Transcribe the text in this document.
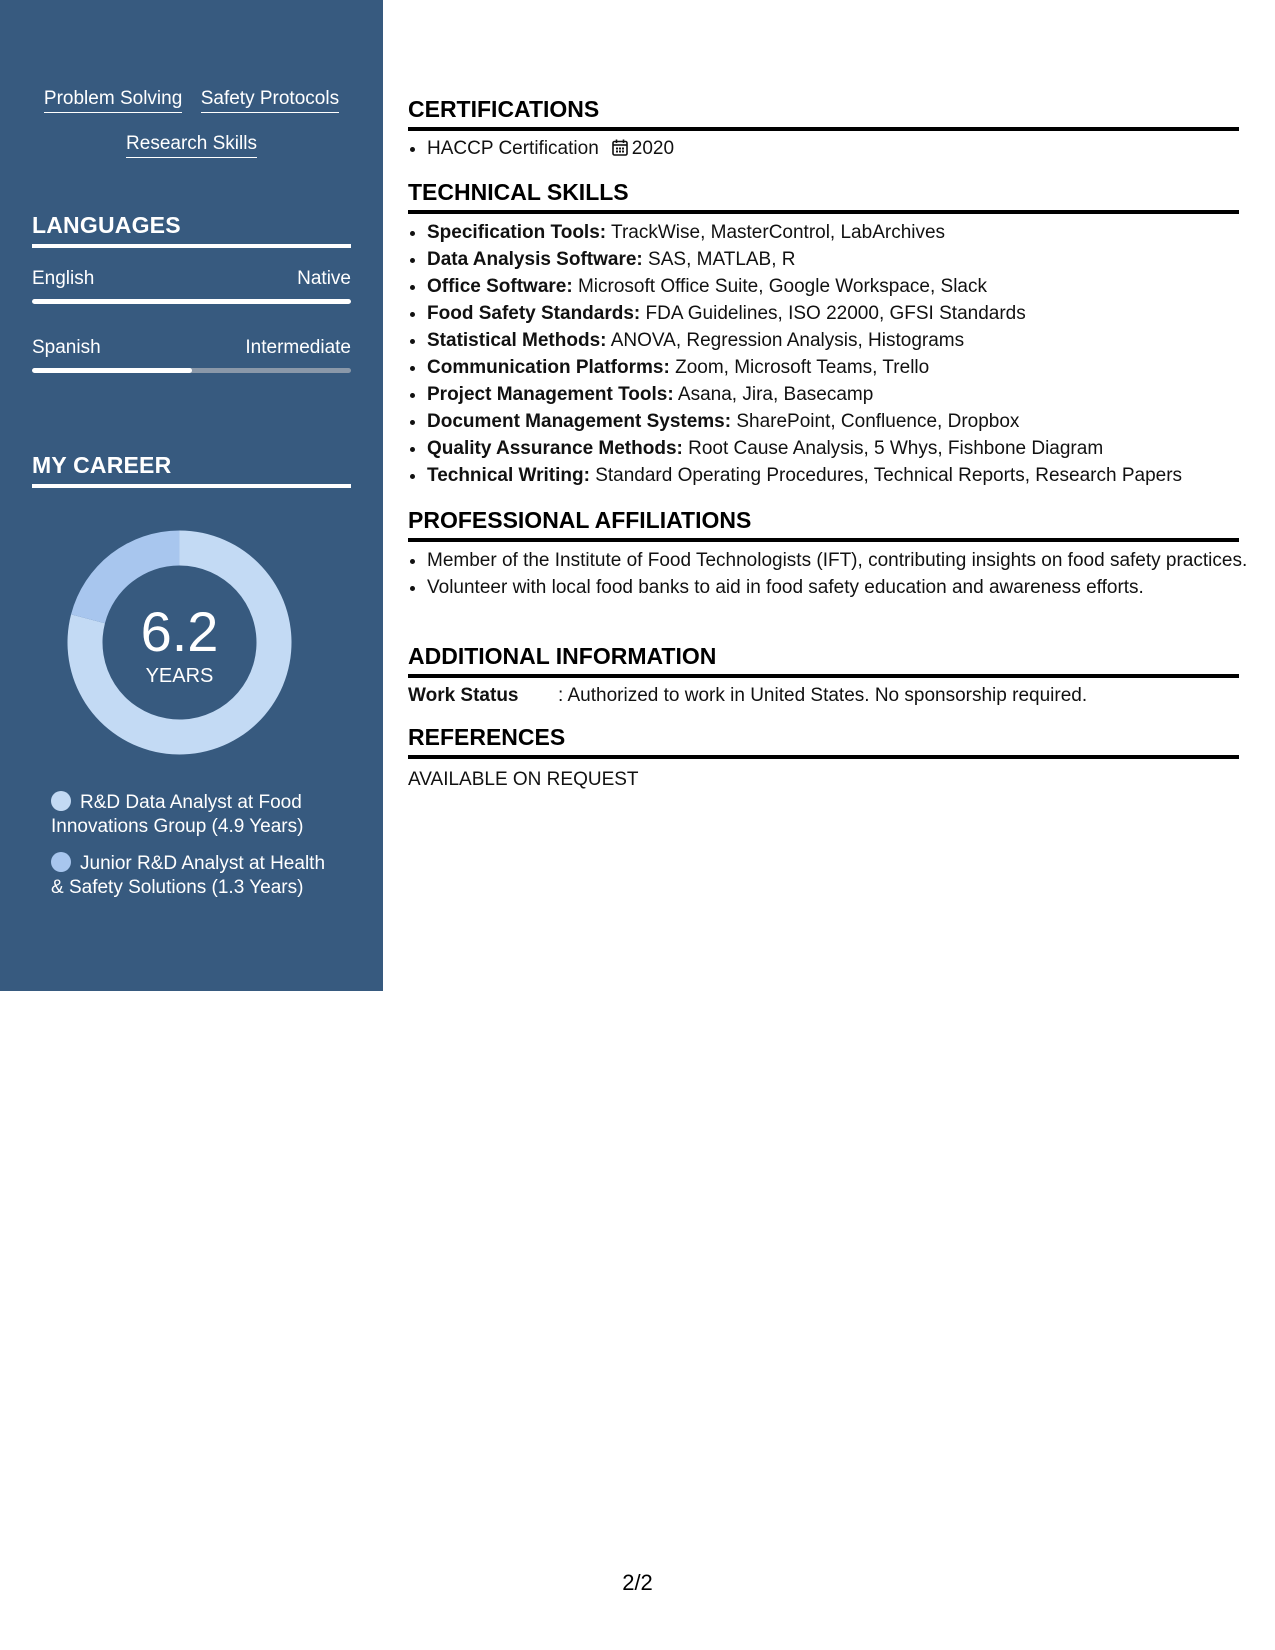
Problem Solving Safety Protocols
Research Skills
LANGUAGES
English	Native
Spanish	Intermediate
MY CAREER
6.2
YEARS
R&D Data Analyst at Food Innovations Group (4.9 Years)
Junior R&D Analyst at Health & Safety Solutions (1.3 Years)
CERTIFICATIONS
• HACCP Certification 2020
TECHNICAL SKILLS
• Specification Tools: TrackWise, MasterControl, LabArchives
• Data Analysis Software: SAS, MATLAB, R
• Office Software: Microsoft Office Suite, Google Workspace, Slack
• Food Safety Standards: FDA Guidelines, ISO 22000, GFSI Standards
• Statistical Methods: ANOVA, Regression Analysis, Histograms
• Communication Platforms: Zoom, Microsoft Teams, Trello
• Project Management Tools: Asana, Jira, Basecamp
• Document Management Systems: SharePoint, Confluence, Dropbox
• Quality Assurance Methods: Root Cause Analysis, 5 Whys, Fishbone Diagram
• Technical Writing: Standard Operating Procedures, Technical Reports, Research Papers
PROFESSIONAL AFFILIATIONS
• Member of the Institute of Food Technologists (IFT), contributing insights on food safety practices.
• Volunteer with local food banks to aid in food safety education and awareness efforts.
ADDITIONAL INFORMATION
Work Status : Authorized to work in United States. No sponsorship required.
REFERENCES
AVAILABLE ON REQUEST
2/2
